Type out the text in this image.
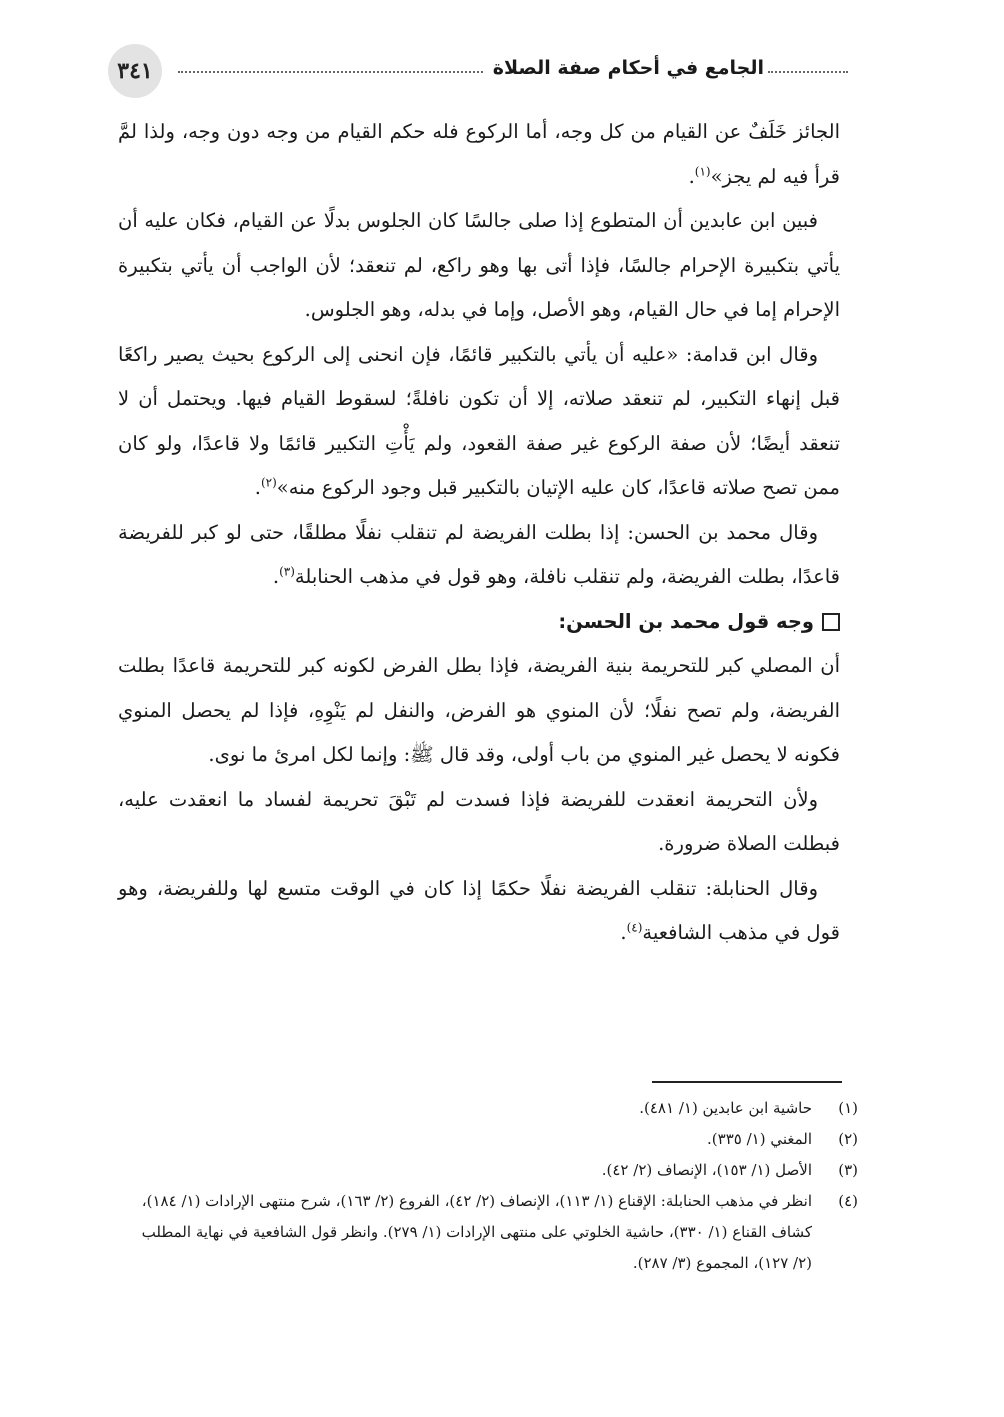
٣٤١	الجامع في أحكام صفة الصلاة

الجائز خَلَفٌ عن القيام من كل وجه، أما الركوع فله حكم القيام من وجه دون وجه، ولذا لمَّ قرأ فيه لم يجز»$^{(١)}$.

فبين ابن عابدين أن المتطوع إذا صلى جالسًا كان الجلوس بدلًا عن القيام، فكان عليه أن يأتي بتكبيرة الإحرام جالسًا، فإذا أتى بها وهو راكع، لم تنعقد؛ لأن الواجب أن يأتي بتكبيرة الإحرام إما في حال القيام، وهو الأصل، وإما في بدله، وهو الجلوس.

وقال ابن قدامة: «عليه أن يأتي بالتكبير قائمًا، فإن انحنى إلى الركوع بحيث يصير راكعًا قبل إنهاء التكبير، لم تنعقد صلاته، إلا أن تكون نافلةً؛ لسقوط القيام فيها. ويحتمل أن لا تنعقد أيضًا؛ لأن صفة الركوع غير صفة القعود، ولم يَأْتِ التكبير قائمًا ولا قاعدًا، ولو كان ممن تصح صلاته قاعدًا، كان عليه الإتيان بالتكبير قبل وجود الركوع منه»$^{(٢)}$.

وقال محمد بن الحسن: إذا بطلت الفريضة لم تنقلب نفلًا مطلقًا، حتى لو كبر للفريضة قاعدًا، بطلت الفريضة، ولم تنقلب نافلة، وهو قول في مذهب الحنابلة$^{(٣)}$.

وجه قول محمد بن الحسن:

أن المصلي كبر للتحريمة بنية الفريضة، فإذا بطل الفرض لكونه كبر للتحريمة قاعدًا بطلت الفريضة، ولم تصح نفلًا؛ لأن المنوي هو الفرض، والنفل لم يَنْوِهِ، فإذا لم يحصل المنوي فكونه لا يحصل غير المنوي من باب أولى، وقد قال ﷺ: وإنما لكل امرئ ما نوى.

ولأن التحريمة انعقدت للفريضة فإذا فسدت لم تَبْقَ تحريمة لفساد ما انعقدت عليه، فبطلت الصلاة ضرورة.

وقال الحنابلة: تنقلب الفريضة نفلًا حكمًا إذا كان في الوقت متسع لها وللفريضة، وهو قول في مذهب الشافعية$^{(٤)}$.

(١)
حاشية ابن عابدين (١/ ٤٨١).
(٢)
المغني (١/ ٣٣٥).
(٣)
الأصل (١/ ١٥٣)، الإنصاف (٢/ ٤٢).
(٤)
انظر في مذهب الحنابلة: الإقناع (١/ ١١٣)، الإنصاف (٢/ ٤٢)، الفروع (٢/ ١٦٣)، شرح منتهى الإرادات (١/ ١٨٤)، كشاف القناع (١/ ٣٣٠)، حاشية الخلوتي على منتهى الإرادات (١/ ٢٧٩). وانظر قول الشافعية في نهاية المطلب (٢/ ١٢٧)، المجموع (٣/ ٢٨٧).
